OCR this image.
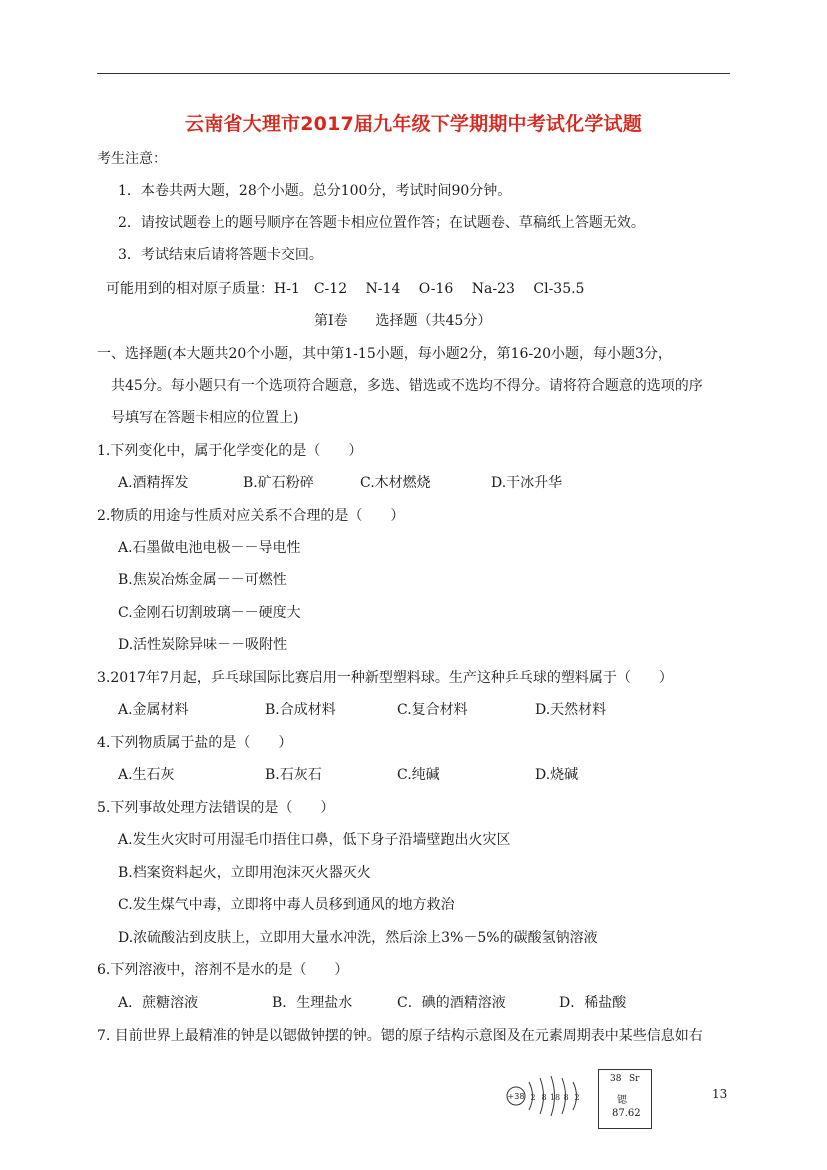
云南省大理市2017届九年级下学期期中考试化学试题
考生注意：
1．本卷共两大题，28个小题。总分100分，考试时间90分钟。
2．请按试题卷上的题号顺序在答题卡相应位置作答；在试题卷、草稿纸上答题无效。
3．考试结束后请将答题卡交回。
可能用到的相对原子质量：H-1　C-12　 N-14　 O-16　 Na-23　 Cl-35.5
第Ⅰ卷　　选择题（共45分）
一、选择题(本大题共20个小题，其中第1-15小题，每小题2分，第16-20小题，每小题3分，
共45分。每小题只有一个选项符合题意，多选、错选或不选均不得分。请将符合题意的选项的序
号填写在答题卡相应的位置上)
1.下列变化中，属于化学变化的是（　　）
A.酒精挥发	B.矿石粉碎	C.木材燃烧	D.干冰升华
2.物质的用途与性质对应关系不合理的是（　　）
A.石墨做电池电极－－导电性
B.焦炭冶炼金属－－可燃性
C.金刚石切割玻璃－－硬度大
D.活性炭除异味－－吸附性
3.2017年7月起，乒乓球国际比赛启用一种新型塑料球。生产这种乒乓球的塑料属于（　　）
A.金属材料	B.合成材料	C.复合材料	D.天然材料
4.下列物质属于盐的是（　　）
A.生石灰	B.石灰石	C.纯碱	D.烧碱
5.下列事故处理方法错误的是（　　）
A.发生火灾时可用湿毛巾捂住口鼻，低下身子沿墙壁跑出火灾区
B.档案资料起火，立即用泡沫灭火器灭火
C.发生煤气中毒，立即将中毒人员移到通风的地方救治
D.浓硫酸沾到皮肤上，立即用大量水冲洗，然后涂上3%－5%的碳酸氢钠溶液
6.下列溶液中，溶剂不是水的是（　　）
A．蔗糖溶液	B．生理盐水	C．碘的酒精溶液	D．稀盐酸
7. 目前世界上最精准的钟是以锶做钟摆的钟。锶的原子结构示意图及在元素周期表中某些信息如右
+38 2 8 18 8 2
38 Sr
锶
87.62
13
